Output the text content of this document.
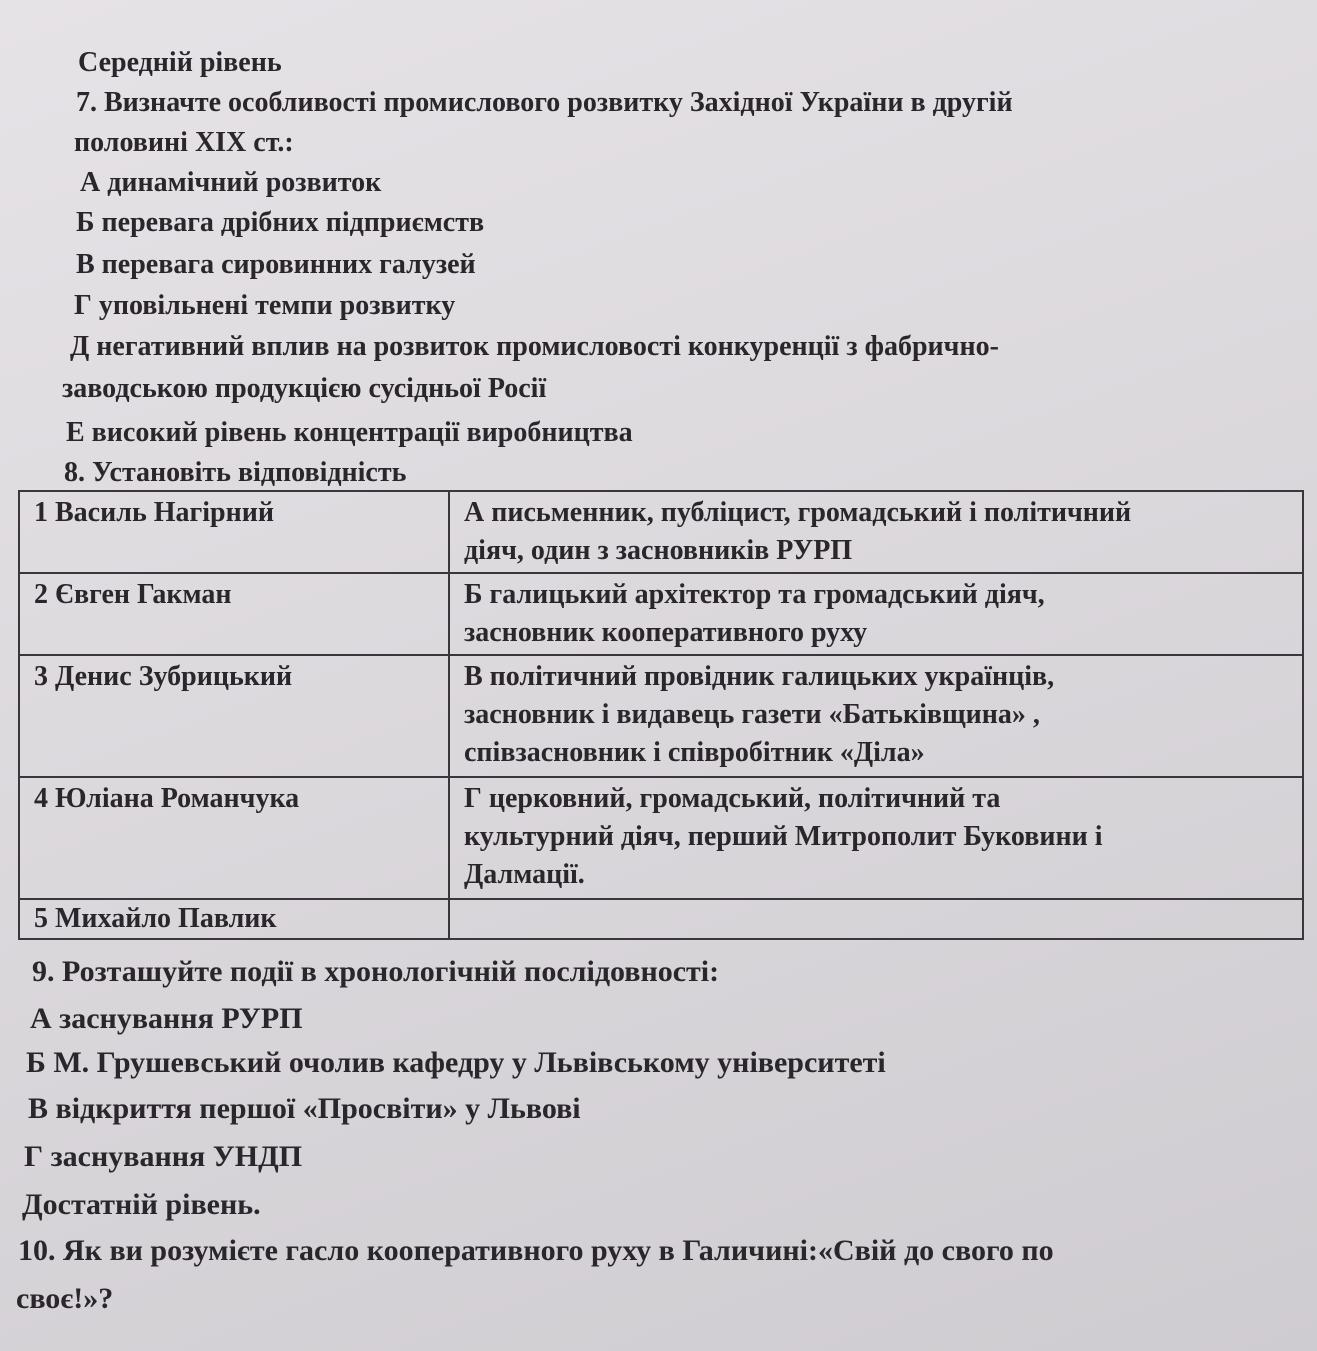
Середній рівень
7. Визначте особливості промислового розвитку Західної України в другій
половині XIX ст.:
А динамічний розвиток
Б перевага дрібних підприємств
В перевага сировинних галузей
Г уповільнені темпи розвитку
Д негативний вплив на розвиток промисловості конкуренції з фабрично-
заводською продукцією сусідньої Росії
Е високий рівень концентрації виробництва
8. Установіть відповідність
1 Василь Нагірний	А письменник, публіцист, громадський і політичний
діяч, один з засновників РУРП

2 Євген Гакман	Б галицький архітектор та громадський діяч,
засновник кооперативного руху

3 Денис Зубрицький	В політичний провідник галицьких українців,
засновник і видавець газети «Батьківщина» ,
співзасновник і співробітник «Діла»

4 Юліана Романчука	Г церковний, громадський, політичний та
культурний діяч, перший Митрополит Буковини і
Далмації.

5 Михайло Павлик	
9. Розташуйте події в хронологічній послідовності:
А заснування РУРП
Б М. Грушевський очолив кафедру у Львівському університеті
В відкриття першої «Просвіти» у Львові
Г заснування УНДП
Достатній рівень.
10. Як ви розумієте гасло кооперативного руху в Галичині:«Свій до свого по
своє!»?
